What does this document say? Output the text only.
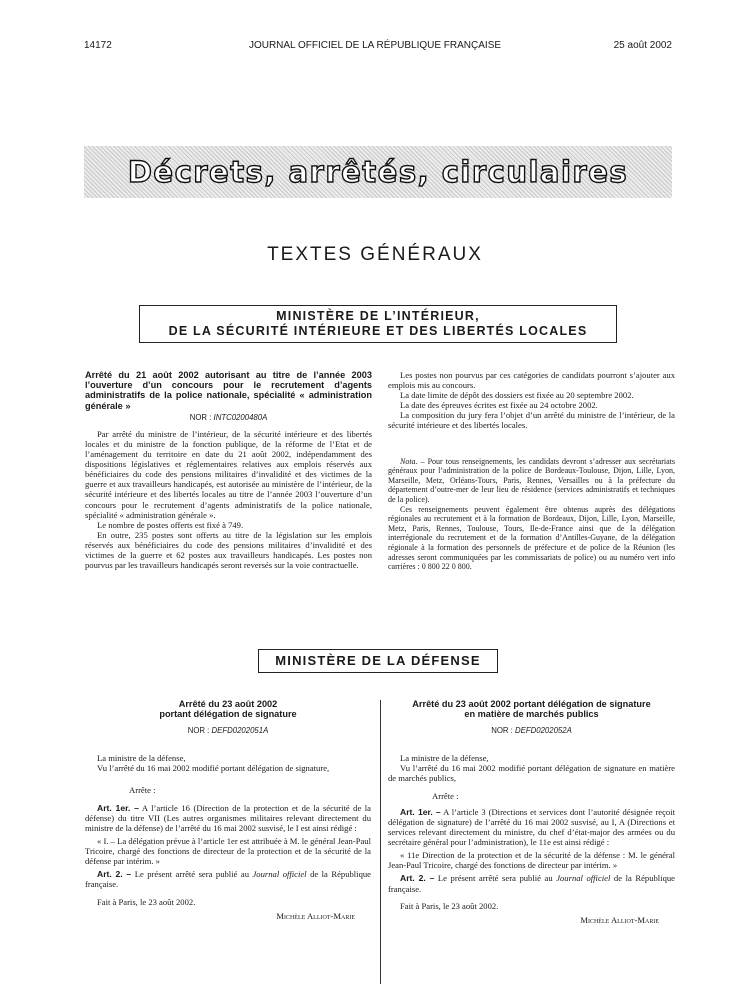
14172	JOURNAL OFFICIEL DE LA RÉPUBLIQUE FRANÇAISE	25 août 2002
Décrets, arrêtés, circulaires
TEXTES GÉNÉRAUX
MINISTÈRE DE L’INTÉRIEUR,
DE LA SÉCURITÉ INTÉRIEURE ET DES LIBERTÉS LOCALES
Arrêté du 21 août 2002 autorisant au titre de l’année 2003 l’ouverture d’un concours pour le recrutement d’agents administratifs de la police nationale, spécialité « administration générale »
NOR : INTC0200480A

Par arrêté du ministre de l’intérieur, de la sécurité intérieure et des libertés locales et du ministre de la fonction publique, de la réforme de l’Etat et de l’aménagement du territoire en date du 21 août 2002, indépendamment des dispositions législatives et réglementaires relatives aux emplois réservés aux bénéficiaires du code des pensions militaires d’invalidité et des victimes de la guerre et aux travailleurs handicapés, est autorisée au ministère de l’intérieur, de la sécurité intérieure et des libertés locales au titre de l’année 2003 l’ouverture d’un concours pour le recrutement d’agents administratifs de la police nationale, spécialité « administration générale ».

Le nombre de postes offerts est fixé à 749.

En outre, 235 postes sont offerts au titre de la législation sur les emplois réservés aux bénéficiaires du code des pensions militaires d’invalidité et des victimes de la guerre et 62 postes aux travailleurs handicapés. Les postes non pourvus par les travailleurs handicapés seront reversés sur la voie contractuelle.

Les postes non pourvus par ces catégories de candidats pourront s’ajouter aux emplois mis au concours.

La date limite de dépôt des dossiers est fixée au 20 septembre 2002.

La date des épreuves écrites est fixée au 24 octobre 2002.

La composition du jury fera l’objet d’un arrêté du ministre de l’intérieur, de la sécurité intérieure et des libertés locales.

Nota. – Pour tous renseignements, les candidats devront s’adresser aux secrétariats généraux pour l’administration de la police de Bordeaux-Toulouse, Dijon, Lille, Lyon, Marseille, Metz, Orléans-Tours, Paris, Rennes, Versailles ou à la préfecture du département d’outre-mer de leur lieu de résidence (services administratifs et techniques de la police).

Ces renseignements peuvent également être obtenus auprès des délégations régionales au recrutement et à la formation de Bordeaux, Dijon, Lille, Lyon, Marseille, Metz, Paris, Rennes, Toulouse, Tours, Ile-de-France ainsi que de la délégation interrégionale du recrutement et de la formation d’Antilles-Guyane, de la délégation régionale à la formation des personnels de préfecture et de police de la Réunion (les adresses seront communiquées par les commissariats de police) ou au numéro vert info carrières : 0 800 22 0 800.

MINISTÈRE DE LA DÉFENSE
Arrêté du 23 août 2002
portant délégation de signature
NOR : DEFD0202051A

La ministre de la défense,

Vu l’arrêté du 16 mai 2002 modifié portant délégation de signature,

Arrête :

Art. 1er. – A l’article 16 (Direction de la protection et de la sécurité de la défense) du titre VII (Les autres organismes militaires relevant directement du ministre de la défense) de l’arrêté du 16 mai 2002 susvisé, le I est ainsi rédigé :

« I. – La délégation prévue à l’article 1er est attribuée à M. le général Jean-Paul Tricoire, chargé des fonctions de directeur de la protection et de la sécurité de la défense par intérim. »

Art. 2. – Le présent arrêté sera publié au Journal officiel de la République française.

Fait à Paris, le 23 août 2002.

Michèle Alliot-Marie
Arrêté du 23 août 2002 portant délégation de signature
en matière de marchés publics
NOR : DEFD0202052A

La ministre de la défense,

Vu l’arrêté du 16 mai 2002 modifié portant délégation de signature en matière de marchés publics,

Arrête :

Art. 1er. – A l’article 3 (Directions et services dont l’autorité désignée reçoit délégation de signature) de l’arrêté du 16 mai 2002 susvisé, au I, A (Directions et services relevant directement du ministre, du chef d’état-major des armées ou du secrétaire général pour l’administration), le 11e est ainsi rédigé :

« 11e Direction de la protection et de la sécurité de la défense : M. le général Jean-Paul Tricoire, chargé des fonctions de directeur par intérim. »

Art. 2. – Le présent arrêté sera publié au Journal officiel de la République française.

Fait à Paris, le 23 août 2002.

Michèle Alliot-Marie
